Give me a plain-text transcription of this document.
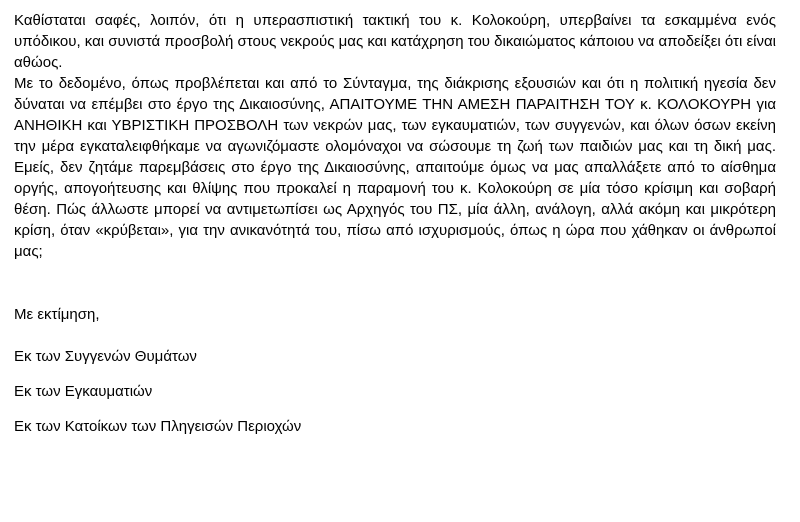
Καθίσταται σαφές, λοιπόν, ότι η υπερασπιστική τακτική του κ. Κολοκούρη, υπερβαίνει τα εσκαμμένα ενός υπόδικου, και συνιστά προσβολή στους νεκρούς μας και κατάχρηση του δικαιώματος κάποιου να αποδείξει ότι είναι αθώος.

Με το δεδομένο, όπως προβλέπεται και από το Σύνταγμα, της διάκρισης εξουσιών και ότι η πολιτική ηγεσία δεν δύναται να επέμβει στο έργο της Δικαιοσύνης, ΑΠΑΙΤΟΥΜΕ ΤΗΝ ΑΜΕΣΗ ΠΑΡΑΙΤΗΣΗ ΤΟΥ κ. ΚΟΛΟΚΟΥΡΗ για ΑΝΗΘΙΚΗ και ΥΒΡΙΣΤΙΚΗ ΠΡΟΣΒΟΛΗ των νεκρών μας, των εγκαυματιών, των συγγενών, και όλων όσων εκείνη την μέρα εγκαταλειφθήκαμε να αγωνιζόμαστε ολομόναχοι να σώσουμε τη ζωή των παιδιών μας και τη δική μας. Εμείς, δεν ζητάμε παρεμβάσεις στο έργο της Δικαιοσύνης, απαιτούμε όμως να μας απαλλάξετε από το αίσθημα οργής, απογοήτευσης και θλίψης που προκαλεί η παραμονή του κ. Κολοκούρη σε μία τόσο κρίσιμη και σοβαρή θέση. Πώς άλλωστε μπορεί να αντιμετωπίσει ως Αρχηγός του ΠΣ, μία άλλη, ανάλογη, αλλά ακόμη και μικρότερη κρίση, όταν «κρύβεται», για την ανικανότητά του, πίσω από ισχυρισμούς, όπως η ώρα που χάθηκαν οι άνθρωποί μας;

Με εκτίμηση,

Εκ των Συγγενών Θυμάτων

Εκ των Εγκαυματιών

Εκ των Κατοίκων των Πληγεισών Περιοχών
